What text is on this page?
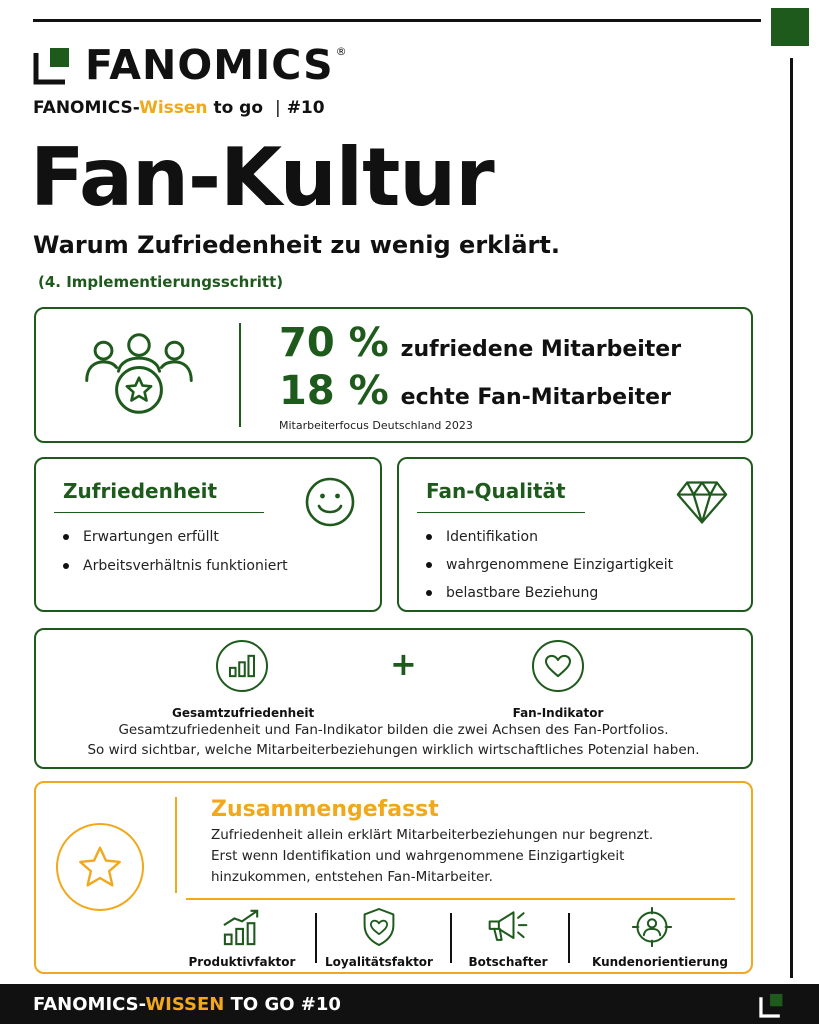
FANOMICS ®
FANOMICS-Wissen to go | #10
Fan-Kultur
Warum Zufriedenheit zu wenig erklärt.
(4. Implementierungsschritt)
70 % zufriedene Mitarbeiter
18 % echte Fan-Mitarbeiter
Mitarbeiterfocus Deutschland 2023
Zufriedenheit
Erwartungen erfüllt
Arbeitsverhältnis funktioniert
Fan-Qualität
Identifikation
wahrgenommene Einzigartigkeit
belastbare Beziehung
Gesamtzufriedenheit
+
Fan-Indikator
Gesamtzufriedenheit und Fan-Indikator bilden die zwei Achsen des Fan-Portfolios.
So wird sichtbar, welche Mitarbeiterbeziehungen wirklich wirtschaftliches Potenzial haben.
Zusammengefasst
Zufriedenheit allein erklärt Mitarbeiterbeziehungen nur begrenzt.
Erst wenn Identifikation und wahrgenommene Einzigartigkeit
hinzukommen, entstehen Fan-Mitarbeiter.
Produktivfaktor	Loyalitätsfaktor	Botschafter	Kundenorientierung
FANOMICS-WISSEN TO GO #10
